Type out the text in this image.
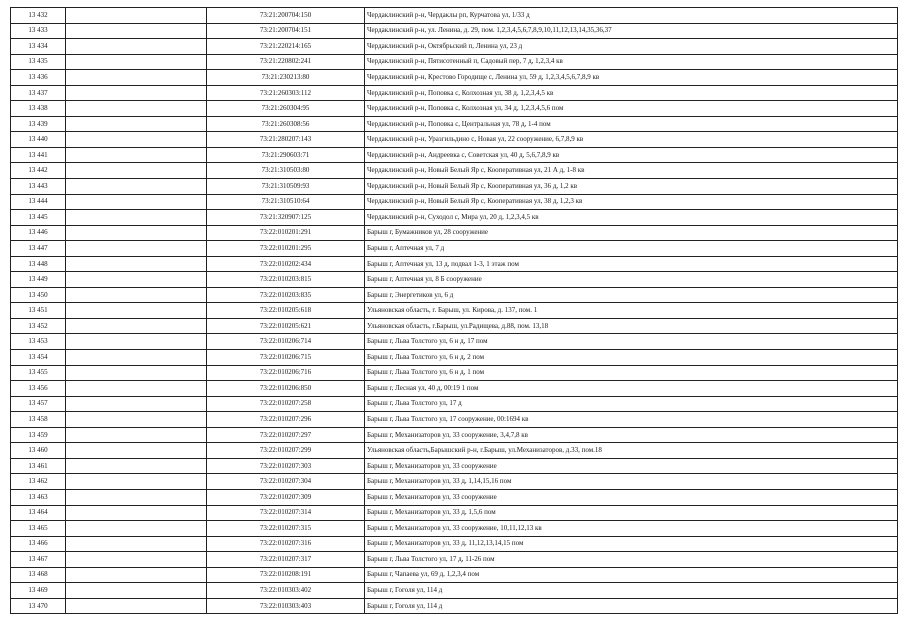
13 432		73:21:200704:150	Чердаклинский р-н, Чердаклы рп, Курчатова ул, 1/33 д
13 433		73:21:200704:151	Чердаклинский р-н, ул. Ленина, д. 29, пом. 1,2,3,4,5,6,7,8,9,10,11,12,13,14,35,36,37
13 434		73:21:220214:165	Чердаклинский р-н, Октябрьский п, Ленина ул, 23 д
13 435		73:21:220802:241	Чердаклинский р-н, Пятисотенный п, Садовый пер, 7 д, 1,2,3,4 кв
13 436		73:21:230213:80	Чердаклинский р-н, Крестово Городище с, Ленина ул, 59 д, 1,2,3,4,5,6,7,8,9 кв
13 437		73:21:260303:112	Чердаклинский р-н, Поповка с, Колхозная ул, 38 д, 1,2,3,4,5 кв
13 438		73:21:260304:95	Чердаклинский р-н, Поповка с, Колхозная ул, 34 д, 1,2,3,4,5,6 пом
13 439		73:21:260308:56	Чердаклинский р-н, Поповка с, Центральная ул, 78 д, 1-4 пом
13 440		73:21:280207:143	Чердаклинский р-н, Уразгильдино с, Новая ул, 22 сооружение, 6,7,8,9 кв
13 441		73:21:290603:71	Чердаклинский р-н, Андреевка с, Советская ул, 40 д, 5,6,7,8,9 кв
13 442		73:21:310503:80	Чердаклинский р-н, Новый Белый Яр с, Кооперативная ул, 21 А д, 1-8 кв
13 443		73:21:310509:93	Чердаклинский р-н, Новый Белый Яр с, Кооперативная ул, 36 д, 1,2 кв
13 444		73:21:310510:64	Чердаклинский р-н, Новый Белый Яр с, Кооперативная ул, 38 д, 1,2,3 кв
13 445		73:21:320907:125	Чердаклинский р-н, Суходол с, Мира ул, 20 д, 1,2,3,4,5 кв
13 446		73:22:010201:291	Барыш г, Бумажников ул, 28 сооружение
13 447		73:22:010201:295	Барыш г, Аптечная ул, 7 д
13 448		73:22:010202:434	Барыш г, Аптечная ул, 13 д, подвал 1-3, 1 этаж пом
13 449		73:22:010203:815	Барыш г, Аптечная ул, 8 Б сооружение
13 450		73:22:010203:835	Барыш г, Энергетиков ул, 6 д
13 451		73:22:010205:618	Ульяновская область, г. Барыш, ул. Кирова, д. 137, пом. 1
13 452		73:22:010205:621	Ульяновская область, г.Барыш, ул.Радищева, д.88, пом. 13,18
13 453		73:22:010206:714	Барыш г, Льва Толстого ул, 6 н д, 17 пом
13 454		73:22:010206:715	Барыш г, Льва Толстого ул, 6 н д, 2 пом
13 455		73:22:010206:716	Барыш г, Льва Толстого ул, 6 н д, 1 пом
13 456		73:22:010206:850	Барыш г, Лесная ул, 40 д, 00:19 1 пом
13 457		73:22:010207:258	Барыш г, Льва Толстого ул, 17 д
13 458		73:22:010207:296	Барыш г, Льва Толстого ул, 17 сооружение, 00:1694 кв
13 459		73:22:010207:297	Барыш г, Механизаторов ул, 33 сооружение, 3,4,7,8 кв
13 460		73:22:010207:299	Ульяновская область,Барышский р-н, г.Барыш, ул.Механизаторов, д.33, пом.18
13 461		73:22:010207:303	Барыш г, Механизаторов ул, 33 сооружение
13 462		73:22:010207:304	Барыш г, Механизаторов ул, 33 д, 1,14,15,16 пом
13 463		73:22:010207:309	Барыш г, Механизаторов ул, 33 сооружение
13 464		73:22:010207:314	Барыш г, Механизаторов ул, 33 д, 1,5,6 пом
13 465		73:22:010207:315	Барыш г, Механизаторов ул, 33 сооружение, 10,11,12,13 кв
13 466		73:22:010207:316	Барыш г, Механизаторов ул, 33 д, 11,12,13,14,15 пом
13 467		73:22:010207:317	Барыш г, Льва Толстого ул, 17 д, 11-26 пом
13 468		73:22:010208:191	Барыш г, Чапаева ул, 69 д, 1,2,3,4 пом
13 469		73:22:010303:402	Барыш г, Гоголя ул, 114 д
13 470		73:22:010303:403	Барыш г, Гоголя ул, 114 д
